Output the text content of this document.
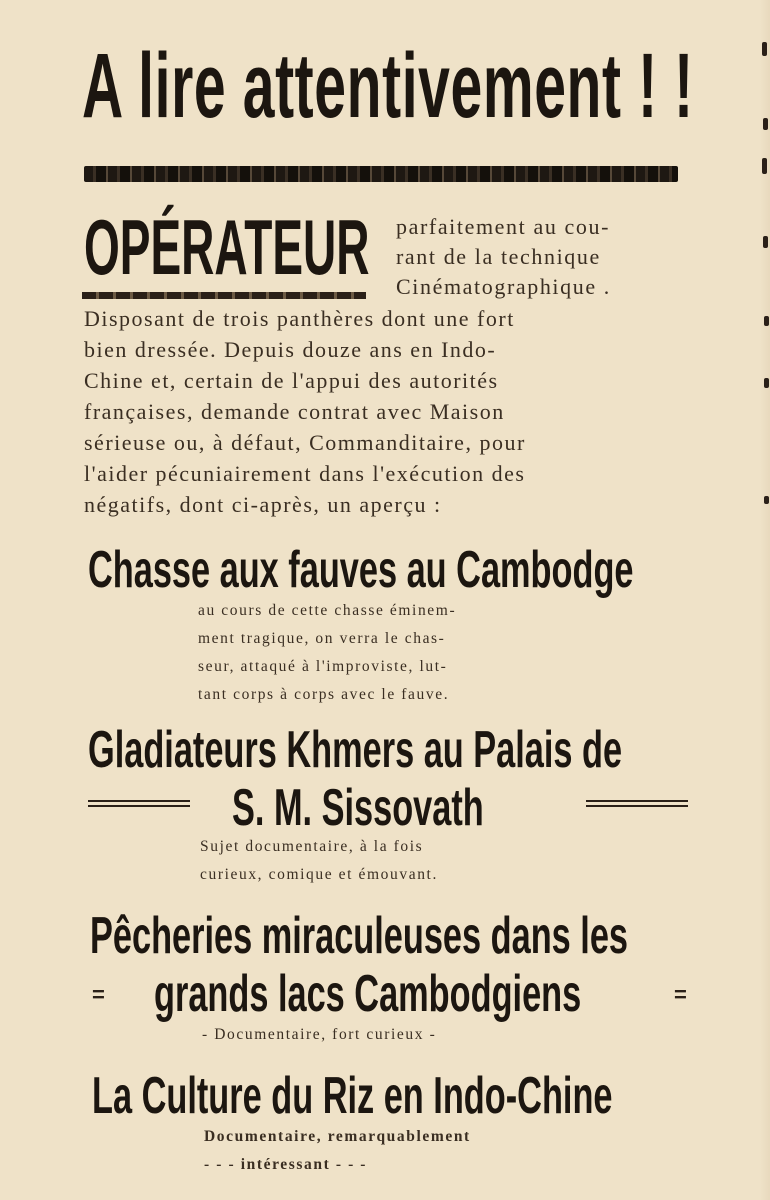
A lire attentivement ! !
OPÉRATEUR parfaitement au cou-
rant de la technique
Cinématographique .
Disposant de trois panthères dont une fort
bien dressée. Depuis douze ans en Indo-
Chine et, certain de l'appui des autorités
françaises, demande contrat avec Maison
sérieuse ou, à défaut, Commanditaire, pour
l'aider pécuniairement dans l'exécution des
négatifs, dont ci-après, un aperçu :
Chasse aux fauves au Cambodge
au cours de cette chasse éminem-
ment tragique, on verra le chas-
seur, attaqué à l'improviste, lut-
tant corps à corps avec le fauve.
Gladiateurs Khmers au Palais de
S. M. Sissovath
Sujet documentaire, à la fois
curieux, comique et émouvant.
Pêcheries miraculeuses dans les
= grands lacs Cambodgiens	=
- Documentaire, fort curieux -
La Culture du Riz en Indo-Chine
Documentaire, remarquablement
- - - intéressant - - -
